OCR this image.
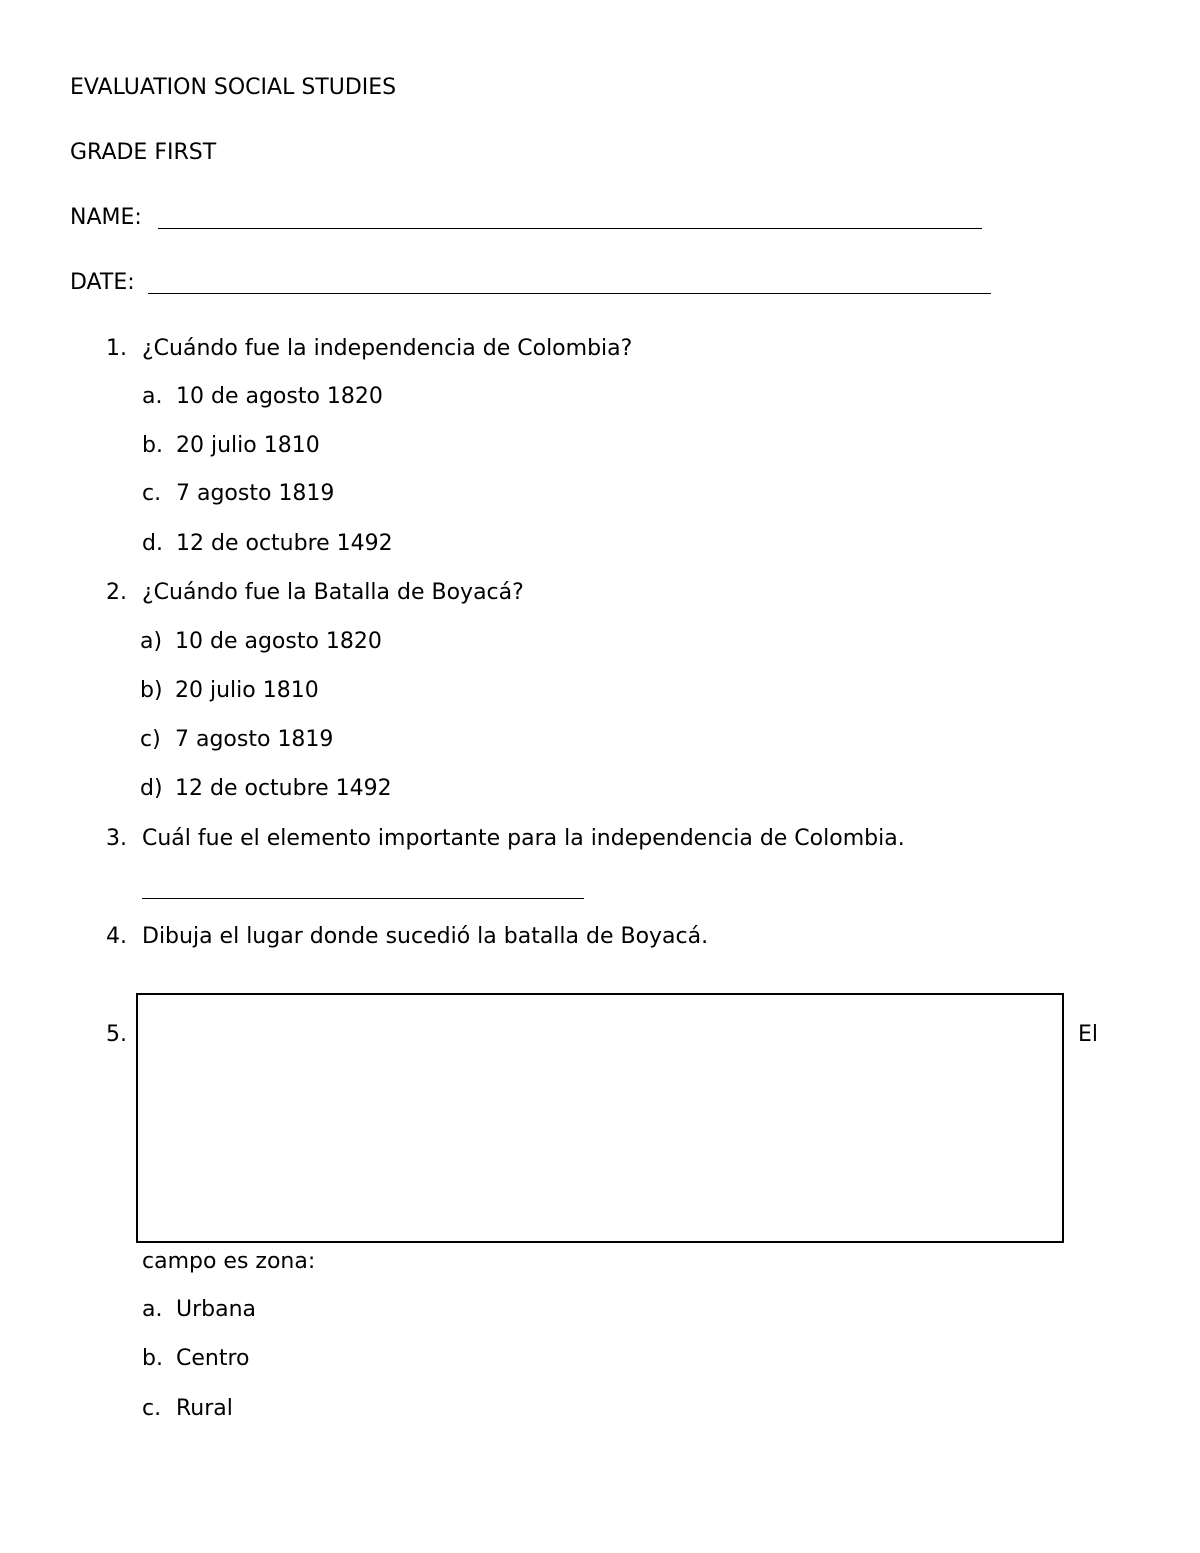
EVALUATION SOCIAL STUDIES
GRADE FIRST
NAME:
DATE:
1. ¿Cuándo fue la independencia de Colombia?
a. 10 de agosto 1820
b. 20 julio 1810
c. 7 agosto 1819
d. 12 de octubre 1492
2. ¿Cuándo fue la Batalla de Boyacá?
a) 10 de agosto 1820
b) 20 julio 1810
c) 7 agosto 1819
d) 12 de octubre 1492
3. Cuál fue el elemento importante para la independencia de Colombia.
4. Dibuja el lugar donde sucedió la batalla de Boyacá.
5.	El
campo es zona:
a. Urbana
b. Centro
c. Rural
